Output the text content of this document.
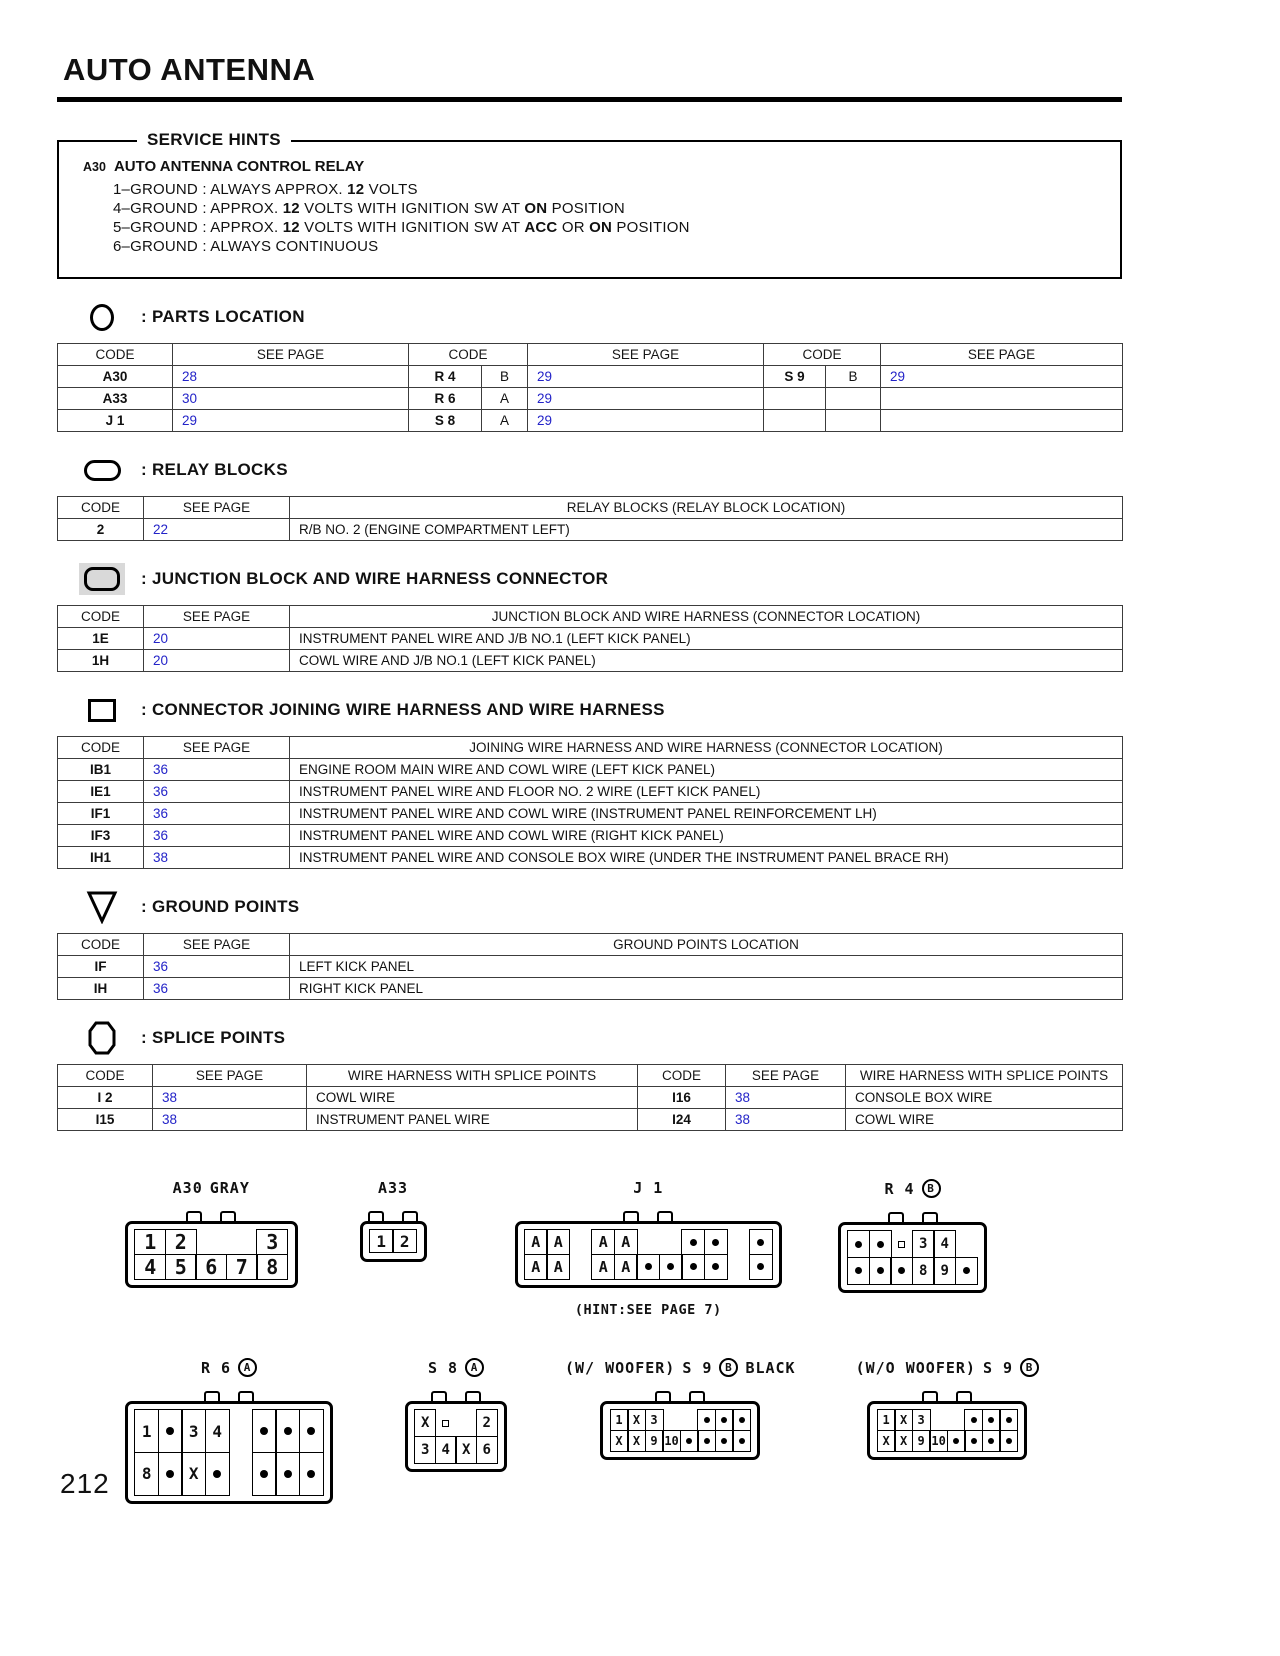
AUTO ANTENNA
SERVICE HINTS
A30 AUTO ANTENNA CONTROL RELAY
1–GROUND : ALWAYS APPROX. 12 VOLTS
4–GROUND : APPROX. 12 VOLTS WITH IGNITION SW AT ON POSITION
5–GROUND : APPROX. 12 VOLTS WITH IGNITION SW AT ACC OR ON POSITION
6–GROUND : ALWAYS CONTINUOUS
: PARTS LOCATION
CODE	SEE PAGE	CODE		SEE PAGE	CODE		SEE PAGE
A30	28	R 4	B	29	S 9	B	29
A33	30	R 6	A	29			
J 1	29	S 8	A	29			
: RELAY BLOCKS
CODE	SEE PAGE	RELAY BLOCKS (RELAY BLOCK LOCATION)
2	22	R/B NO. 2 (ENGINE COMPARTMENT LEFT)
: JUNCTION BLOCK AND WIRE HARNESS CONNECTOR
CODE	SEE PAGE	JUNCTION BLOCK AND WIRE HARNESS (CONNECTOR LOCATION)
1E	20	INSTRUMENT PANEL WIRE AND J/B NO.1 (LEFT KICK PANEL)
1H	20	COWL WIRE AND J/B NO.1 (LEFT KICK PANEL)
: CONNECTOR JOINING WIRE HARNESS AND WIRE HARNESS
CODE	SEE PAGE	JOINING WIRE HARNESS AND WIRE HARNESS (CONNECTOR LOCATION)
IB1	36	ENGINE ROOM MAIN WIRE AND COWL WIRE (LEFT KICK PANEL)
IE1	36	INSTRUMENT PANEL WIRE AND FLOOR NO. 2 WIRE (LEFT KICK PANEL)
IF1	36	INSTRUMENT PANEL WIRE AND COWL WIRE (INSTRUMENT PANEL REINFORCEMENT LH)
IF3	36	INSTRUMENT PANEL WIRE AND COWL WIRE (RIGHT KICK PANEL)
IH1	38	INSTRUMENT PANEL WIRE AND CONSOLE BOX WIRE (UNDER THE INSTRUMENT PANEL BRACE RH)
: GROUND POINTS
CODE	SEE PAGE	GROUND POINTS LOCATION
IF	36	LEFT KICK PANEL
IH	36	RIGHT KICK PANEL
: SPLICE POINTS
CODE	SEE PAGE	WIRE HARNESS WITH SPLICE POINTS	CODE	SEE PAGE	WIRE HARNESS WITH SPLICE POINTS
I 2	38	COWL WIRE	I16	38	CONSOLE BOX WIRE
I15	38	INSTRUMENT PANEL WIRE	I24	38	COWL WIRE
A30 GRAY
1 2	3
4 5 6 7 8
A33
1 2
J 1
A A	A A
A A	A A
(HINT:SEE PAGE 7)
R 4	B
3 4
8 9
R 6	A
1	3 4
8	X
S 8	A
X	2
3 4 X 6
(W/ WOOFER) S 9	B BLACK
1 X 3
X X 9 10
(W/O WOOFER) S 9	B
1 X 3
X X 9 10
212
